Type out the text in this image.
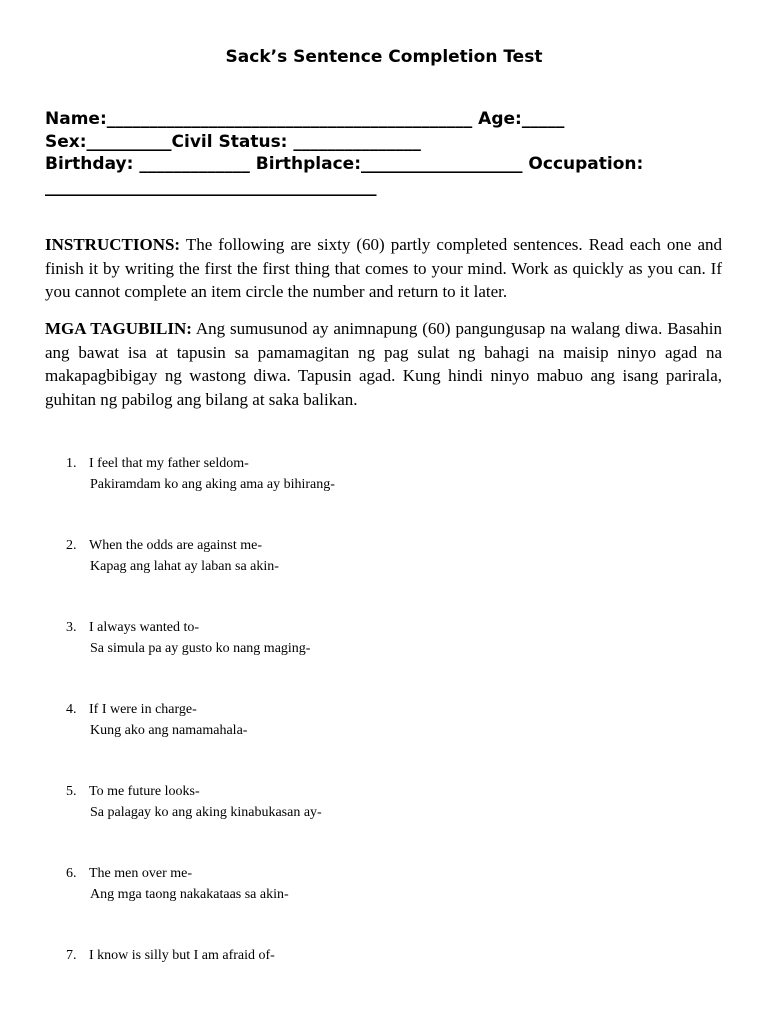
Sack’s Sentence Completion Test
Name:___________________________________________ Age:_____
Sex:__________Civil Status: _______________
Birthday: _____________ Birthplace:___________________ Occupation:
_______________________________________
INSTRUCTIONS: The following are sixty (60) partly completed sentences. Read each one and finish it by writing the first the first thing that comes to your mind. Work as quickly as you can. If you cannot complete an item circle the number and return to it later.
MGA TAGUBILIN: Ang sumusunod ay animnapung (60) pangungusap na walang diwa. Basahin ang bawat isa at tapusin sa pamamagitan ng pag sulat ng bahagi na maisip ninyo agad na makapagbibigay ng wastong diwa. Tapusin agad. Kung hindi ninyo mabuo ang isang parirala, guhitan ng pabilog ang bilang at saka balikan.
1. I feel that my father seldom-
Pakiramdam ko ang aking ama ay bihirang-
2. When the odds are against me-
Kapag ang lahat ay laban sa akin-
3. I always wanted to-
Sa simula pa ay gusto ko nang maging-
4. If I were in charge-
Kung ako ang namamahala-
5. To me future looks-
Sa palagay ko ang aking kinabukasan ay-
6. The men over me-
Ang mga taong nakakataas sa akin-
7. I know is silly but I am afraid of-
